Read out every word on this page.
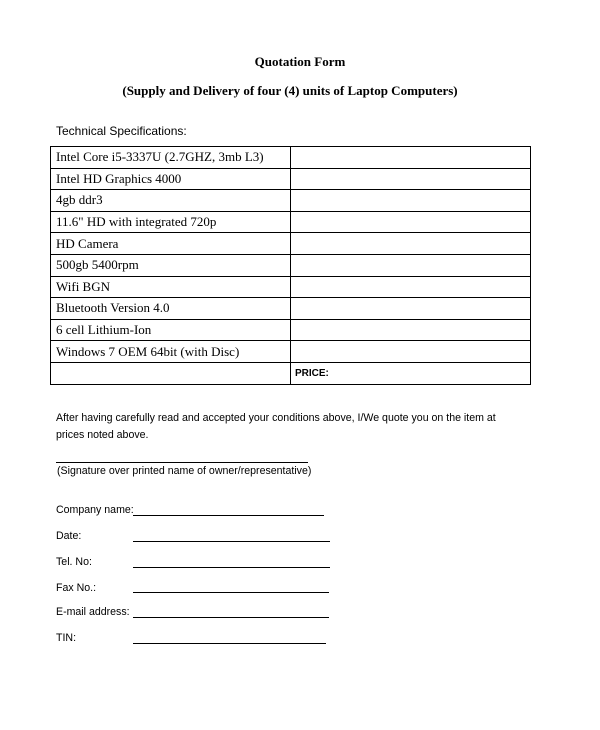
Quotation Form
(Supply and Delivery of four (4) units of Laptop Computers)
Technical Specifications:
Intel Core i5-3337U (2.7GHZ, 3mb L3)	
Intel HD Graphics 4000	
4gb ddr3	
11.6" HD with integrated 720p	
HD Camera	
500gb 5400rpm	
Wifi BGN	
Bluetooth Version 4.0	
6 cell Lithium-Ion	
Windows 7 OEM 64bit (with Disc)	
	PRICE:
After having carefully read and accepted your conditions above, I/We quote you on the item at prices noted above.
(Signature over printed name of owner/representative)
Company name:
Date:
Tel. No:
Fax No.:
E-mail address:
TIN:
